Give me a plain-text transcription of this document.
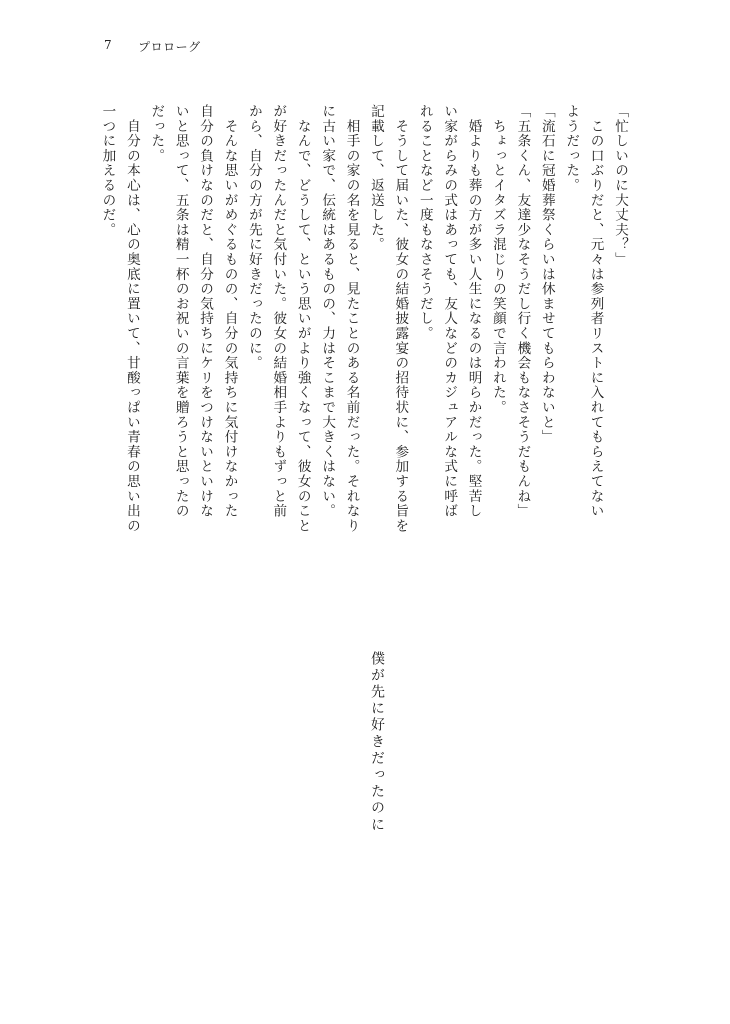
7 プロローグ

「忙しいのに大丈夫？」

　この口ぶりだと、元々は参列者リストに入れてもらえてない

ようだった。

「流石に冠婚葬祭くらいは休ませてもらわないと」

「五条くん、友達少なそうだし行く機会もなさそうだもんね」

　ちょっとイタズラ混じりの笑顔で言われた。

　婚よりも葬の方が多い人生になるのは明らかだった。堅苦し

い家がらみの式はあっても、友人などのカジュアルな式に呼ば

れることなど一度もなさそうだし。

　そうして届いた、彼女の結婚披露宴の招待状に、参加する旨を

記載して、返送した。

　相手の家の名を見ると、見たことのある名前だった。それなり

に古い家で、伝統はあるものの、力はそこまで大きくはない。

　なんで、どうして、という思いがより強くなって、彼女のこと

が好きだったんだと気付いた。彼女の結婚相手よりもずっと前

から、自分の方が先に好きだったのに。

　そんな思いがめぐるものの、自分の気持ちに気付けなかった

自分の負けなのだと、自分の気持ちにケリをつけないといけな

いと思って、五条は精一杯のお祝いの言葉を贈ろうと思ったの

だった。

　自分の本心は、心の奥底に置いて、甘酸っぱい青春の思い出の

一つに加えるのだ。

僕が先に好きだったのに
